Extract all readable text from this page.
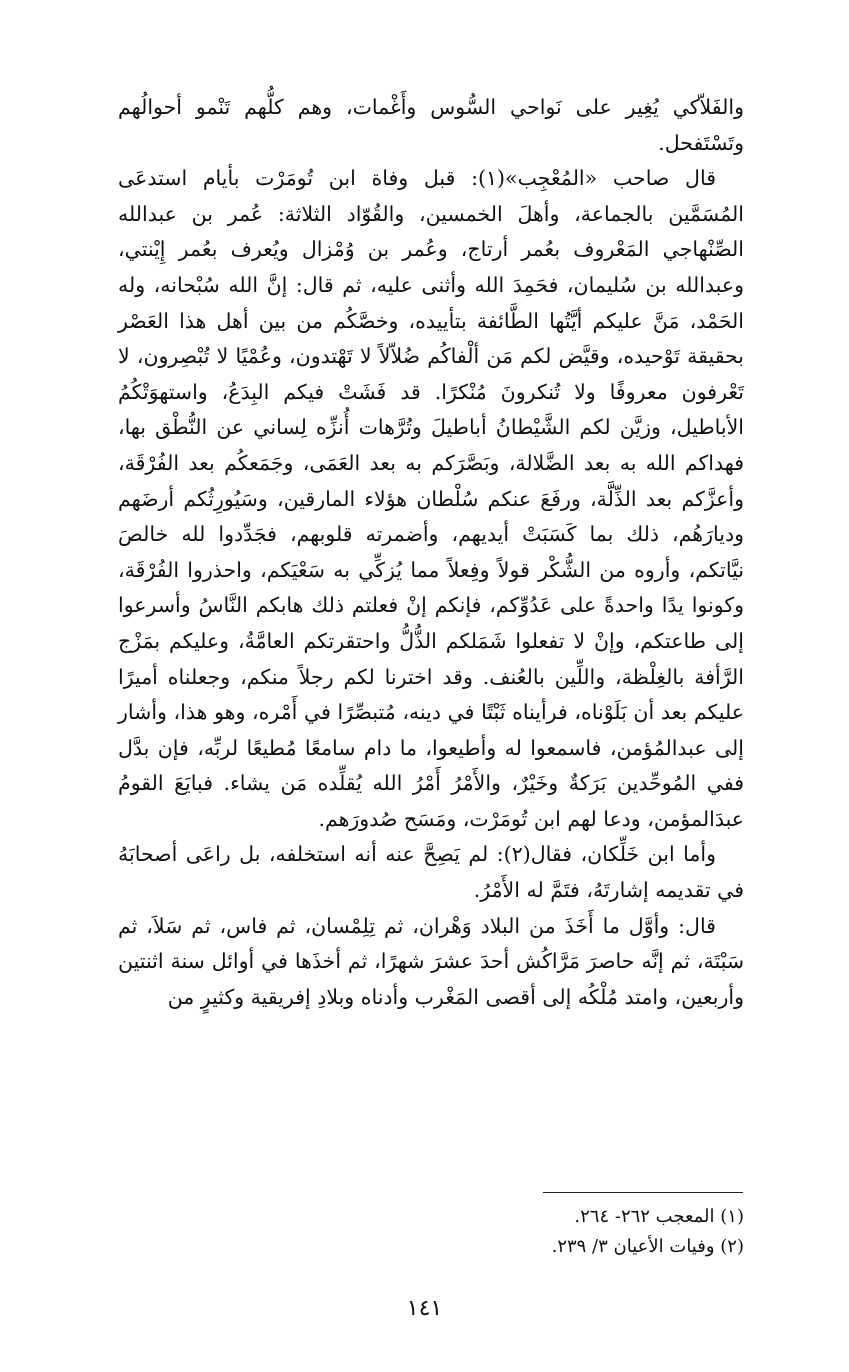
والفَلاّكي يُغِير على نَواحي السُّوس وأَغْمات، وهم كلُّهم تَنْمو أحوالُهم وتَسْتَفحل.

قال صاحب «المُعْجِب»(١): قبل وفاة ابن تُومَرْت بأيام استدعَى المُسَمَّين بالجماعة، وأهلَ الخمسين، والقُوّاد الثلاثة: عُمر بن عبدالله الصِّنْهاجي المَعْروف بعُمر أرتاج، وعُمر بن وُمْزال ويُعرف بعُمر إِيْنتي، وعبدالله بن سُليمان، فحَمِدَ الله وأثنى عليه، ثم قال: إنَّ الله سُبْحانه، وله الحَمْد، مَنَّ عليكم أيَّتُها الطَّائفة بتأييده، وخصَّكُم من بين أهل هذا العَصْر بحقيقة تَوْحيده، وقيَّض لكم مَن ألْفاكُم ضُلاّلاً لا تَهْتدون، وعُمْيًا لا تُبْصِرون، لا تَعْرفون معروفًا ولا تُنكرونَ مُنْكرًا. قد فَشَتْ فيكم البِدَعُ، واستهوَتْكُمُ الأباطيل، وزيَّن لكم الشَّيْطانُ أباطيلَ وتُرَّهات أُنزِّه لِساني عن النُّطْق بها، فهداكم الله به بعد الضَّلالة، وبَصَّرَكم به بعد العَمَى، وجَمَعكُم بعد الفُرْقَة، وأعزَّكم بعد الذِّلَّة، ورفَعَ عنكم سُلْطان هؤلاء المارقين، وسَيُورِثُكم أرضَهم وديارَهُم، ذلك بما كَسَبَتْ أيديهم، وأضمرته قلوبهم، فجَدِّدوا لله خالصَ نيَّاتكم، وأروه من الشُّكْر قولاً وفِعلاً مما يُزكِّي به سَعْيَكم، واحذروا الفُرْقَة، وكونوا يدًا واحدةً على عَدُوِّكم، فإنكم إنْ فعلتم ذلك هابكم النَّاسُ وأسرعوا إلى طاعتكم، وإنْ لا تفعلوا شَمَلكم الذُّلُّ واحتقرتكم العامَّةُ، وعليكم بمَزْج الرَّأفة بالغِلْظة، واللِّين بالعُنف. وقد اخترنا لكم رجلاً منكم، وجعلناه أميرًا عليكم بعد أن بَلَوْناه، فرأيناه ثَبْتًا في دينه، مُتبصِّرًا في أَمْره، وهو هذا، وأشار إلى عبدالمُؤمن، فاسمعوا له وأطيعوا، ما دام سامعًا مُطيعًا لربِّه، فإن بدَّل ففي المُوحِّدين بَرَكةٌ وخَيْرٌ، والأَمْرُ أَمْرُ الله يُقلِّده مَن يشاء. فبايَعَ القومُ عبدَالمؤمن، ودعا لهم ابن تُومَرْت، ومَسَح صُدورَهم.

وأما ابن خَلِّكان، فقال(٢): لم يَصِحَّ عنه أنه استخلفه، بل راعَى أصحابَهُ في تقديمه إشارتَهُ، فتَمَّ له الأَمْرُ.

قال: وأوَّل ما أَخَذَ من البلاد وَهْران، ثم تِلِمْسان، ثم فاس، ثم سَلاَ، ثم سَبْتَة، ثم إنَّه حاصرَ مَرَّاكُش أحدَ عشرَ شهرًا، ثم أخذَها في أوائل سنة اثنتين وأربعين، وامتد مُلْكُه إلى أقصى المَغْرب وأدناه وبلادِ إفريقية وكثيرٍ من

(١) المعجب ٢٦٢- ٢٦٤.

(٢) وفيات الأعيان ٣/ ٢٣٩.

١٤١
